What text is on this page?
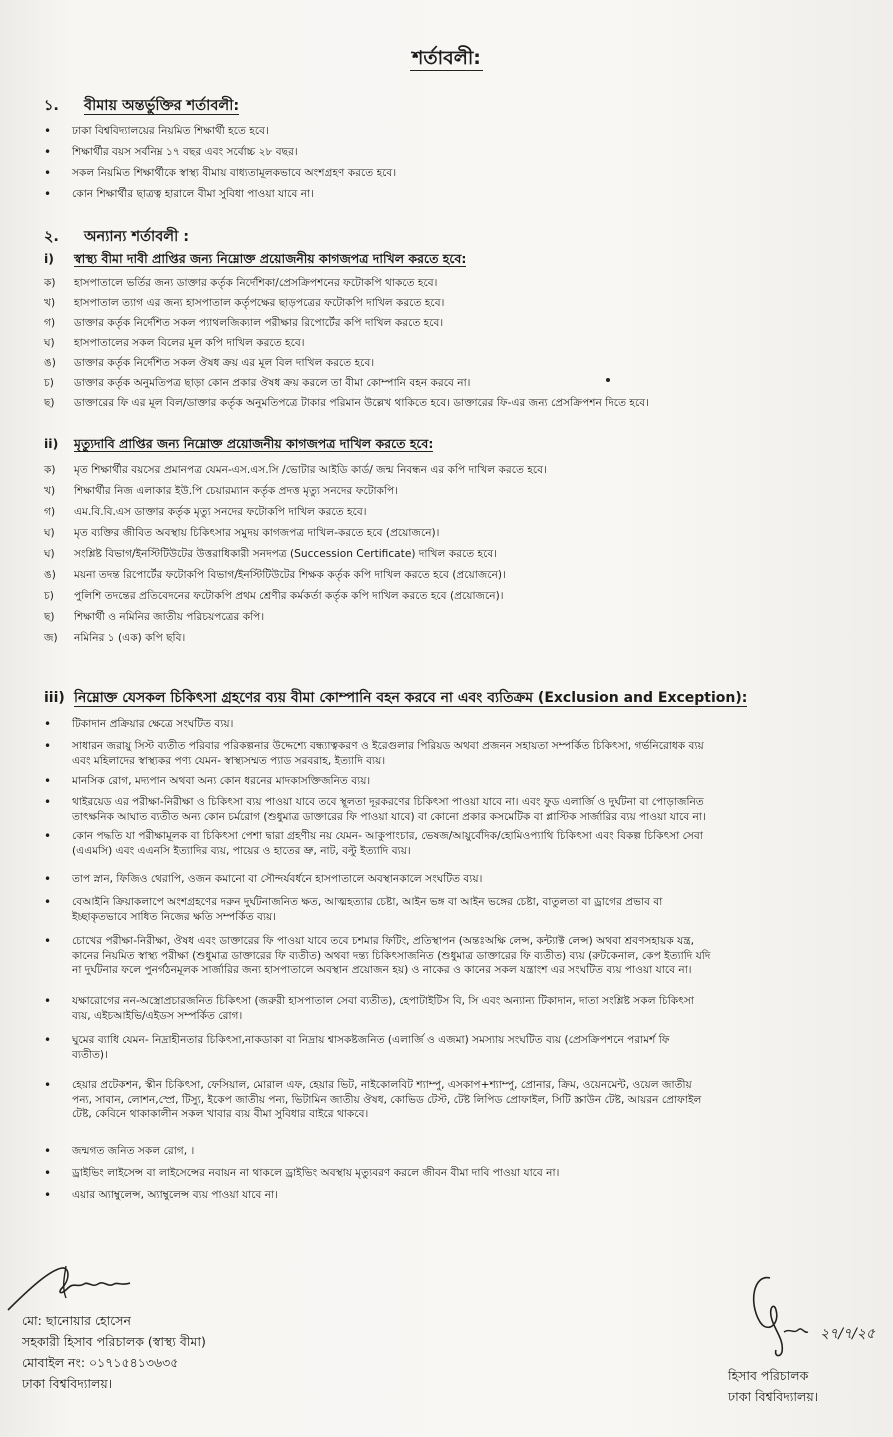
শর্তাবলী:
১. বীমায় অন্তর্ভুক্তির শর্তাবলী:
• ঢাকা বিশ্ববিদ্যালয়ের নিয়মিত শিক্ষার্থী হতে হবে।
• শিক্ষার্থীর বয়স সর্বনিম্ন ১৭ বছর এবং সর্বোচ্চ ২৮ বছর।
• সকল নিয়মিত শিক্ষার্থীকে স্বাস্থ্য বীমায় বাধ্যতামূলকভাবে অংশগ্রহণ করতে হবে।
• কোন শিক্ষার্থীর ছাত্রত্ব হারালে বীমা সুবিধা পাওয়া যাবে না।
২. অন্যান্য শর্তাবলী :
i) স্বাস্থ্য বীমা দাবী প্রাপ্তির জন্য নিম্নোক্ত প্রয়োজনীয় কাগজপত্র দাখিল করতে হবে:
ক) হাসপাতালে ভর্তির জন্য ডাক্তার কর্তৃক নির্দেশিকা/প্রেসক্রিপশনের ফটোকপি থাকতে হবে।
খ) হাসপাতাল ত্যাগ এর জন্য হাসপাতাল কর্তৃপক্ষের ছাড়পত্রের ফটোকপি দাখিল করতে হবে।
গ) ডাক্তার কর্তৃক নির্দেশিত সকল প্যাথলজিক্যাল পরীক্ষার রিপোর্টের কপি দাখিল করতে হবে।
ঘ) হাসপাতালের সকল বিলের মূল কপি দাখিল করতে হবে।
ঙ) ডাক্তার কর্তৃক নির্দেশিত সকল ঔষধ ক্রয় এর মূল বিল দাখিল করতে হবে।
চ) ডাক্তার কর্তৃক অনুমতিপত্র ছাড়া কোন প্রকার ঔষধ ক্রয় করলে তা বীমা কোম্পানি বহন করবে না।
ছ) ডাক্তারের ফি এর মূল বিল/ডাক্তার কর্তৃক অনুমতিপত্রে টাকার পরিমান উল্লেখ থাকিতে হবে। ডাক্তারের ফি-এর জন্য প্রেসক্রিপশন দিতে হবে।
ii) মৃত্যুদাবি প্রাপ্তির জন্য নিম্নোক্ত প্রয়োজনীয় কাগজপত্র দাখিল করতে হবে:
ক) মৃত শিক্ষার্থীর বয়সের প্রমানপত্র যেমন-এস.এস.সি /ভোটার আইডি কার্ড/ জন্ম নিবন্ধন এর কপি দাখিল করতে হবে।
খ) শিক্ষার্থীর নিজ এলাকার ইউ.পি চেয়ারম্যান কর্তৃক প্রদত্ত মৃত্যু সনদের ফটোকপি।
গ) এম.বি.বি.এস ডাক্তার কর্তৃক মৃত্যু সনদের ফটোকপি দাখিল করতে হবে।
ঘ) মৃত ব্যক্তির জীবিত অবস্থায় চিকিৎসার সমুদয় কাগজপত্র দাখিল-করতে হবে (প্রয়োজনে)।
ঘ) সংশ্লিষ্ট বিভাগ/ইনস্টিটিউটের উত্তরাধিকারী সনদপত্র (Succession Certificate) দাখিল করতে হবে।
ঙ) ময়না তদন্ত রিপোর্টের ফটোকপি বিভাগ/ইনস্টিটিউটের শিক্ষক কর্তৃক কপি দাখিল করতে হবে (প্রয়োজনে)।
চ) পুলিশি তদন্তের প্রতিবেদনের ফটোকপি প্রথম শ্রেণীর কর্মকর্তা কর্তৃক কপি দাখিল করতে হবে (প্রয়োজনে)।
ছ) শিক্ষার্থী ও নমিনির জাতীয় পরিচয়পত্রের কপি।
জ) নমিনির ১ (এক) কপি ছবি।
iii) নিম্নোক্ত যেসকল চিকিৎসা গ্রহণের ব্যয় বীমা কোম্পানি বহন করবে না এবং ব্যতিক্রম (Exclusion and Exception):
• টিকাদান প্রক্রিয়ার ক্ষেত্রে সংঘটিত ব্যয়।
• সাধারন জরায়ু সিস্ট ব্যতীত পরিবার পরিকল্পনার উদ্দেশ্যে বন্ধ্যাত্বকরণ ও ইরেগুলার পিরিয়ড অথবা প্রজনন সহায়তা সম্পর্কিত চিকিৎসা, গর্ভনিরোধক ব্যয়
এবং মহিলাদের স্বাস্থ্যকর পণ্য যেমন- স্বাস্থ্যসম্মত প্যাড সরবরাহ, ইত্যাদি ব্যয়।
• মানসিক রোগ, মদ্যপান অথবা অন্য কোন ধরনের মাদকাসক্তিজনিত ব্যয়।
• থাইরয়েড এর পরীক্ষা-নিরীক্ষা ও চিকিৎসা ব্যয় পাওয়া যাবে তবে স্থূলতা দূরকরণের চিকিৎসা পাওয়া যাবে না। এবং ফুড এলার্জি ও দুর্ঘটনা বা পোড়াজনিত
তাৎক্ষনিক আঘাত ব্যতীত অন্য কোন চর্মরোগ (শুধুমাত্র ডাক্তারের ফি পাওয়া যাবে) বা কোনো প্রকার কসমেটিক বা প্লাস্টিক সার্জারির ব্যয় পাওয়া যাবে না।
• কোন পদ্ধতি যা পরীক্ষামূলক বা চিকিৎসা পেশা দ্বারা গ্রহণীয় নয় যেমন- আকুপাংচার, ভেষজ/আয়ুর্বেদিক/হোমিওপ্যাথি চিকিৎসা এবং বিকল্প চিকিৎসা সেবা
(এএমসি) এবং এএনসি ইত্যাদির ব্যয়, পায়ের ও হাতের ভ্রু, নাট, বল্টু ইত্যাদি ব্যয়।
• তাপ স্নান, ফিজিও থেরাপি, ওজন কমানো বা সৌন্দর্যবর্ধনে হাসপাতালে অবস্থানকালে সংঘটিত ব্যয়।
• বেআইনি ক্রিয়াকলাপে অংশগ্রহণের দরুন দুর্ঘটনাজনিত ক্ষত, আত্মহত্যার চেষ্টা, আইন ভঙ্গ বা আইন ভঙ্গের চেষ্টা, বাতুলতা বা ড্রাগের প্রভাব বা
ইচ্ছাকৃতভাবে সাধিত নিজের ক্ষতি সম্পর্কিত ব্যয়।
• চোখের পরীক্ষা-নিরীক্ষা, ঔষধ এবং ডাক্তারের ফি পাওয়া যাবে তবে চশমার ফিটিং, প্রতিস্থাপন (অন্তঃঅক্ষি লেন্স, কন্ট্যাক্ট লেন্স) অথবা শ্রবণসহায়ক যন্ত্র,
কানের নিয়মিত স্বাস্থ্য পরীক্ষা (শুধুমাত্র ডাক্তারের ফি ব্যতীত) অথবা দন্ত্য চিকিৎসাজনিত (শুধুমাত্র ডাক্তারের ফি ব্যতীত) ব্যয় (রুটকেনাল, কেপ ইত্যাদি যদি
না দুর্ঘটনার ফলে পুনর্গঠনমূলক সার্জারির জন্য হাসপাতালে অবস্থান প্রয়োজন হয়) ও নাকের ও কানের সকল যন্ত্রাংশ এর সংঘটিত ব্যয় পাওয়া যাবে না।
• যক্ষারোগের নন-অস্ত্রোপ্রচারজনিত চিকিৎসা (জরুরী হাসপাতাল সেবা ব্যতীত), হেপাটাইটিস বি, সি এবং অন্যান্য টিকাদান, দাতা সংশ্লিষ্ট সকল চিকিৎসা
ব্যয়, এইচআইভি/এইডস সম্পর্কিত রোগ।
• ঘুমের ব্যাধি যেমন- নিদ্রাহীনতার চিকিৎসা,নাকডাকা বা নিদ্রায় শ্বাসকষ্টজনিত (এলার্জি ও এজমা) সমস্যায় সংঘটিত ব্যয় (প্রেসক্রিপশনে পরামর্শ ফি
ব্যতীত)।
• হেয়ার প্রটেকশন, স্কীন চিকিৎসা, ফেসিয়াল, মোরাল এফ, হেয়ার ভিট, নাইকোলবিট শ্যাম্পু, এসকাপ+শ্যাম্পু, প্রোনার, ক্রিম, ওয়েনমেন্ট, ওয়েল জাতীয়
পন্য, সাবান, লোশন,স্প্রে, টিস্যু, ইকেপ জাতীয় পন্য, ভিটামিন জাতীয় ঔষধ, কোভিড টেস্ট, টেষ্ট লিপিড প্রোফাইল, সিটি স্ক্রাউন টেষ্ট, আয়রন প্রোফাইল
টেষ্ট, কেবিনে থাকাকালীন সকল খাবার ব্যয় বীমা সুবিধার বাইরে থাকবে।
• জন্মগত জনিত সকল রোগ, ।
• ড্রাইভিং লাইসেন্স বা লাইসেন্সের নবায়ন না থাকলে ড্রাইভিং অবস্থায় মৃত্যুবরণ করলে জীবন বীমা দাবি পাওয়া যাবে না।
• এয়ার অ্যাম্বুলেন্স, অ্যাম্বুলেন্স ব্যয় পাওয়া যাবে না।
মো: ছানোয়ার হোসেন
সহকারী হিসাব পরিচালক (স্বাস্থ্য বীমা)
মোবাইল নং: ০১৭১৫৪১৩৬৩৫
ঢাকা বিশ্ববিদ্যালয়।
২৭/৭/২৫
হিসাব পরিচালক
ঢাকা বিশ্ববিদ্যালয়।
